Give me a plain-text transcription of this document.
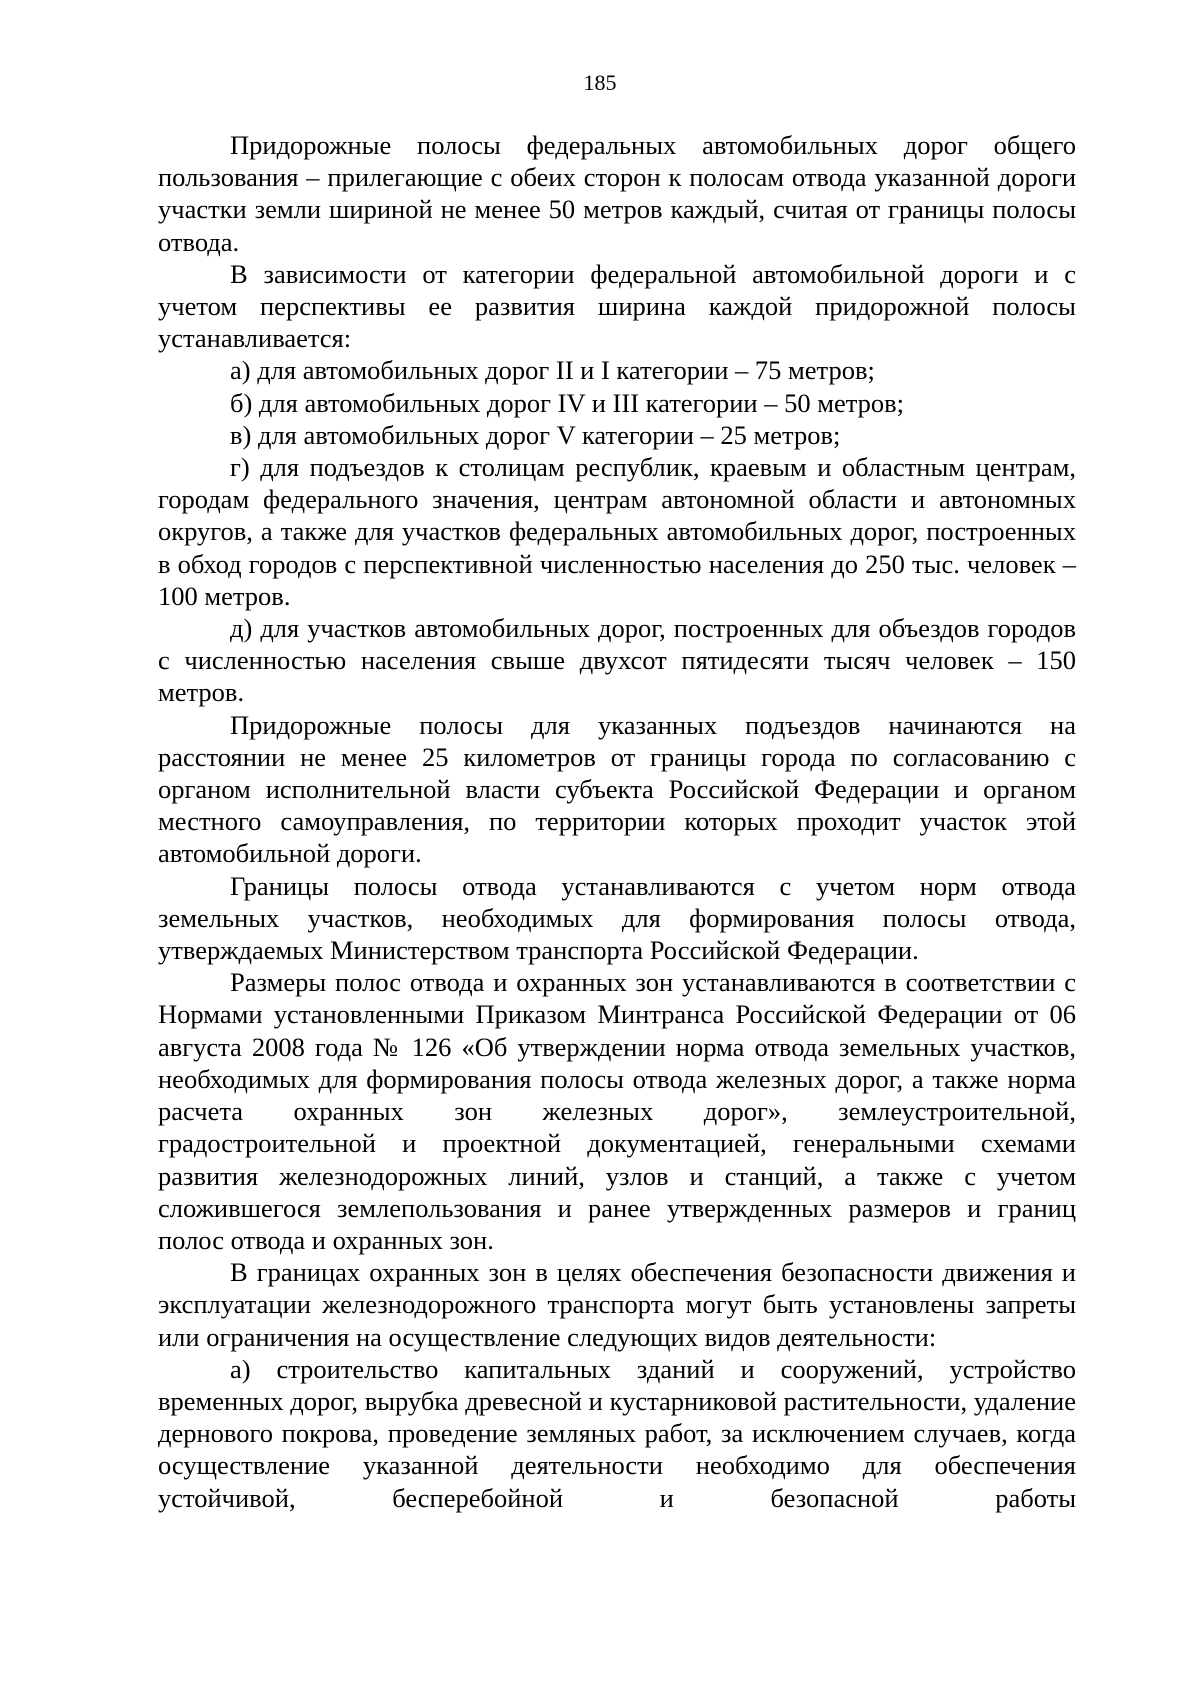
185

Придорожные полосы федеральных автомобильных дорог общего пользования – прилегающие с обеих сторон к полосам отвода указанной дороги участки земли шириной не менее 50 метров каждый, считая от границы полосы отвода.

В зависимости от категории федеральной автомобильной дороги и с учетом перспективы ее развития ширина каждой придорожной полосы устанавливается:

а) для автомобильных дорог II и I категории – 75 метров;

б) для автомобильных дорог IV и III категории – 50 метров;

в) для автомобильных дорог V категории – 25 метров;

г) для подъездов к столицам республик, краевым и областным центрам, городам федерального значения, центрам автономной области и автономных округов, а также для участков федеральных автомобильных дорог, построенных в обход городов с перспективной численностью населения до 250 тыс. человек – 100 метров.

д) для участков автомобильных дорог, построенных для объездов городов с численностью населения свыше двухсот пятидесяти тысяч человек – 150 метров.

Придорожные полосы для указанных подъездов начинаются на расстоянии не менее 25 километров от границы города по согласованию с органом исполнительной власти субъекта Российской Федерации и органом местного самоуправления, по территории которых проходит участок этой автомобильной дороги.

Границы полосы отвода устанавливаются с учетом норм отвода земельных участков, необходимых для формирования полосы отвода, утверждаемых Министерством транспорта Российской Федерации.

Размеры полос отвода и охранных зон устанавливаются в соответствии с Нормами установленными Приказом Минтранса Российской Федерации от 06 августа 2008 года № 126 «Об утверждении норма отвода земельных участков, необходимых для формирования полосы отвода железных дорог, а также норма расчета охранных зон железных дорог», землеустроительной, градостроительной и проектной документацией, генеральными схемами развития железнодорожных линий, узлов и станций, а также с учетом сложившегося землепользования и ранее утвержденных размеров и границ полос отвода и охранных зон.

В границах охранных зон в целях обеспечения безопасности движения и эксплуатации железнодорожного транспорта могут быть установлены запреты или ограничения на осуществление следующих видов деятельности:

а) строительство капитальных зданий и сооружений, устройство временных дорог, вырубка древесной и кустарниковой растительности, удаление дернового покрова, проведение земляных работ, за исключением случаев, когда осуществление указанной деятельности необходимо для обеспечения устойчивой, бесперебойной и безопасной работы
